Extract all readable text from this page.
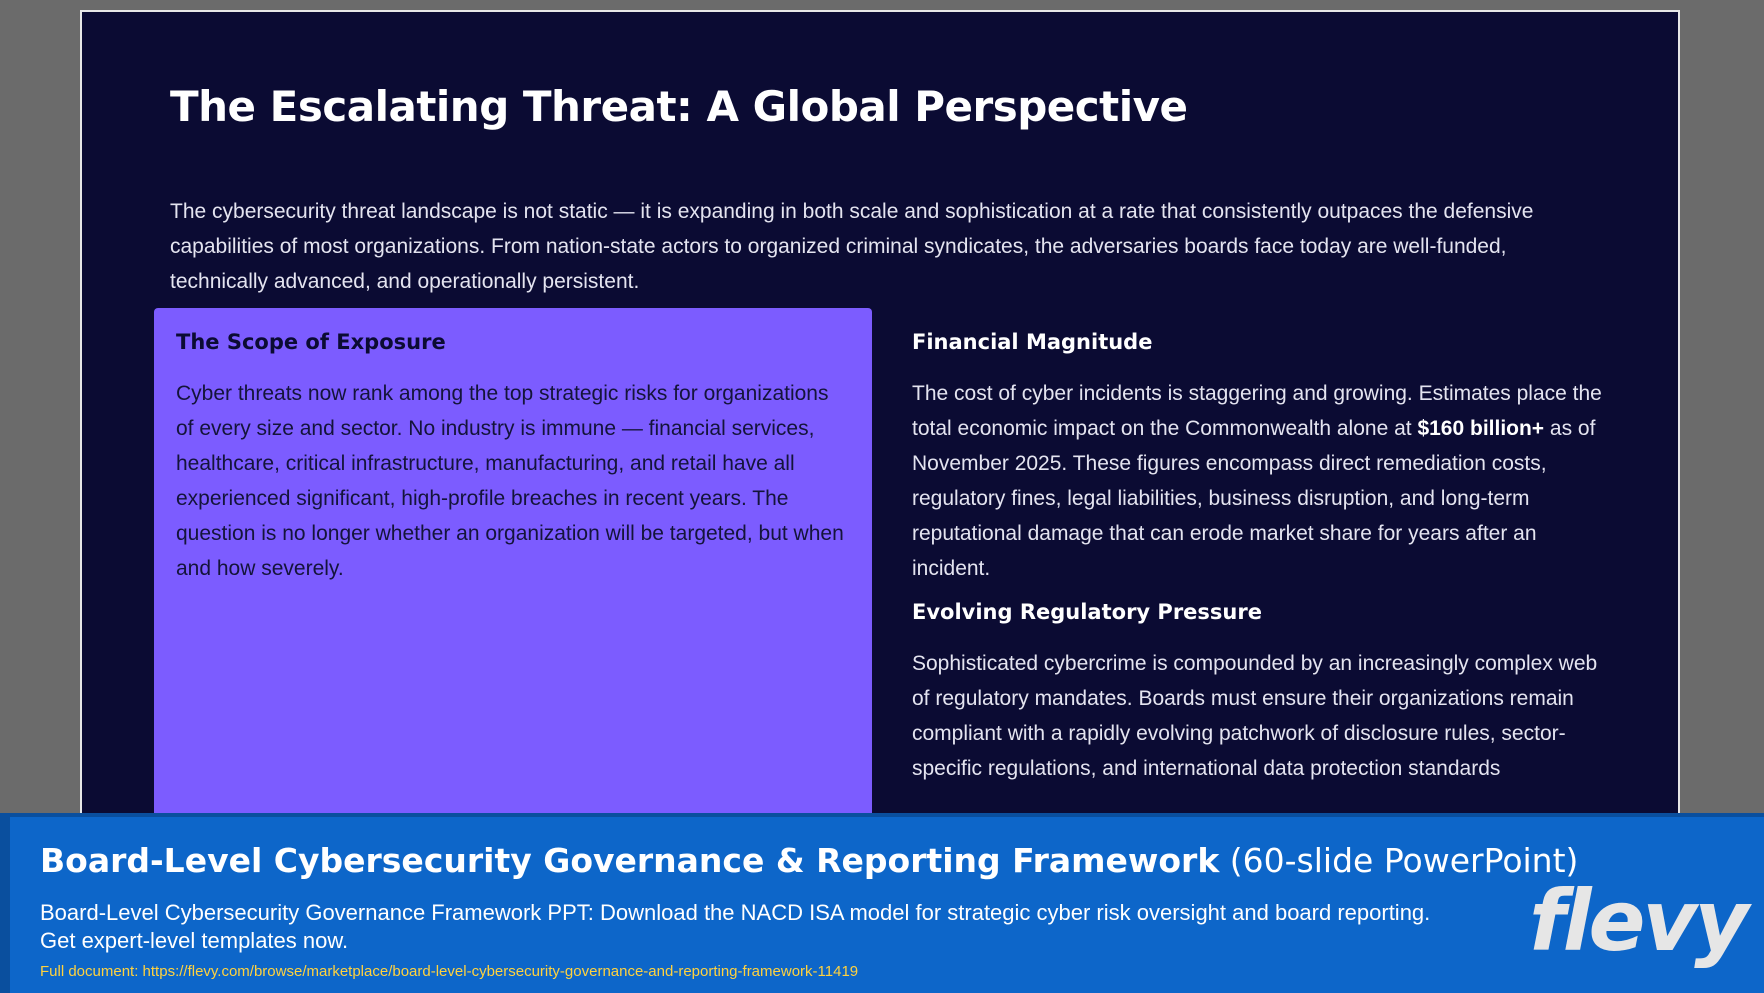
The Escalating Threat: A Global Perspective

The cybersecurity threat landscape is not static — it is expanding in both scale and sophistication at a rate that consistently outpaces the defensive capabilities of most organizations. From nation-state actors to organized criminal syndicates, the adversaries boards face today are well-funded, technically advanced, and operationally persistent.

The Scope of Exposure

Cyber threats now rank among the top strategic risks for organizations of every size and sector. No industry is immune — financial services, healthcare, critical infrastructure, manufacturing, and retail have all experienced significant, high-profile breaches in recent years. The question is no longer whether an organization will be targeted, but when and how severely.

Financial Magnitude

The cost of cyber incidents is staggering and growing. Estimates place the total economic impact on the Commonwealth alone at $160 billion+ as of November 2025. These figures encompass direct remediation costs, regulatory fines, legal liabilities, business disruption, and long-term reputational damage that can erode market share for years after an incident.

Evolving Regulatory Pressure

Sophisticated cybercrime is compounded by an increasingly complex web of regulatory mandates. Boards must ensure their organizations remain compliant with a rapidly evolving patchwork of disclosure rules, sector-specific regulations, and international data protection standards

Board-Level Cybersecurity Governance & Reporting Framework (60-slide PowerPoint)

Board-Level Cybersecurity Governance Framework PPT: Download the NACD ISA model for strategic cyber risk oversight and board reporting.
Get expert-level templates now.

Full document: https://flevy.com/browse/marketplace/board-level-cybersecurity-governance-and-reporting-framework-11419

flevy
